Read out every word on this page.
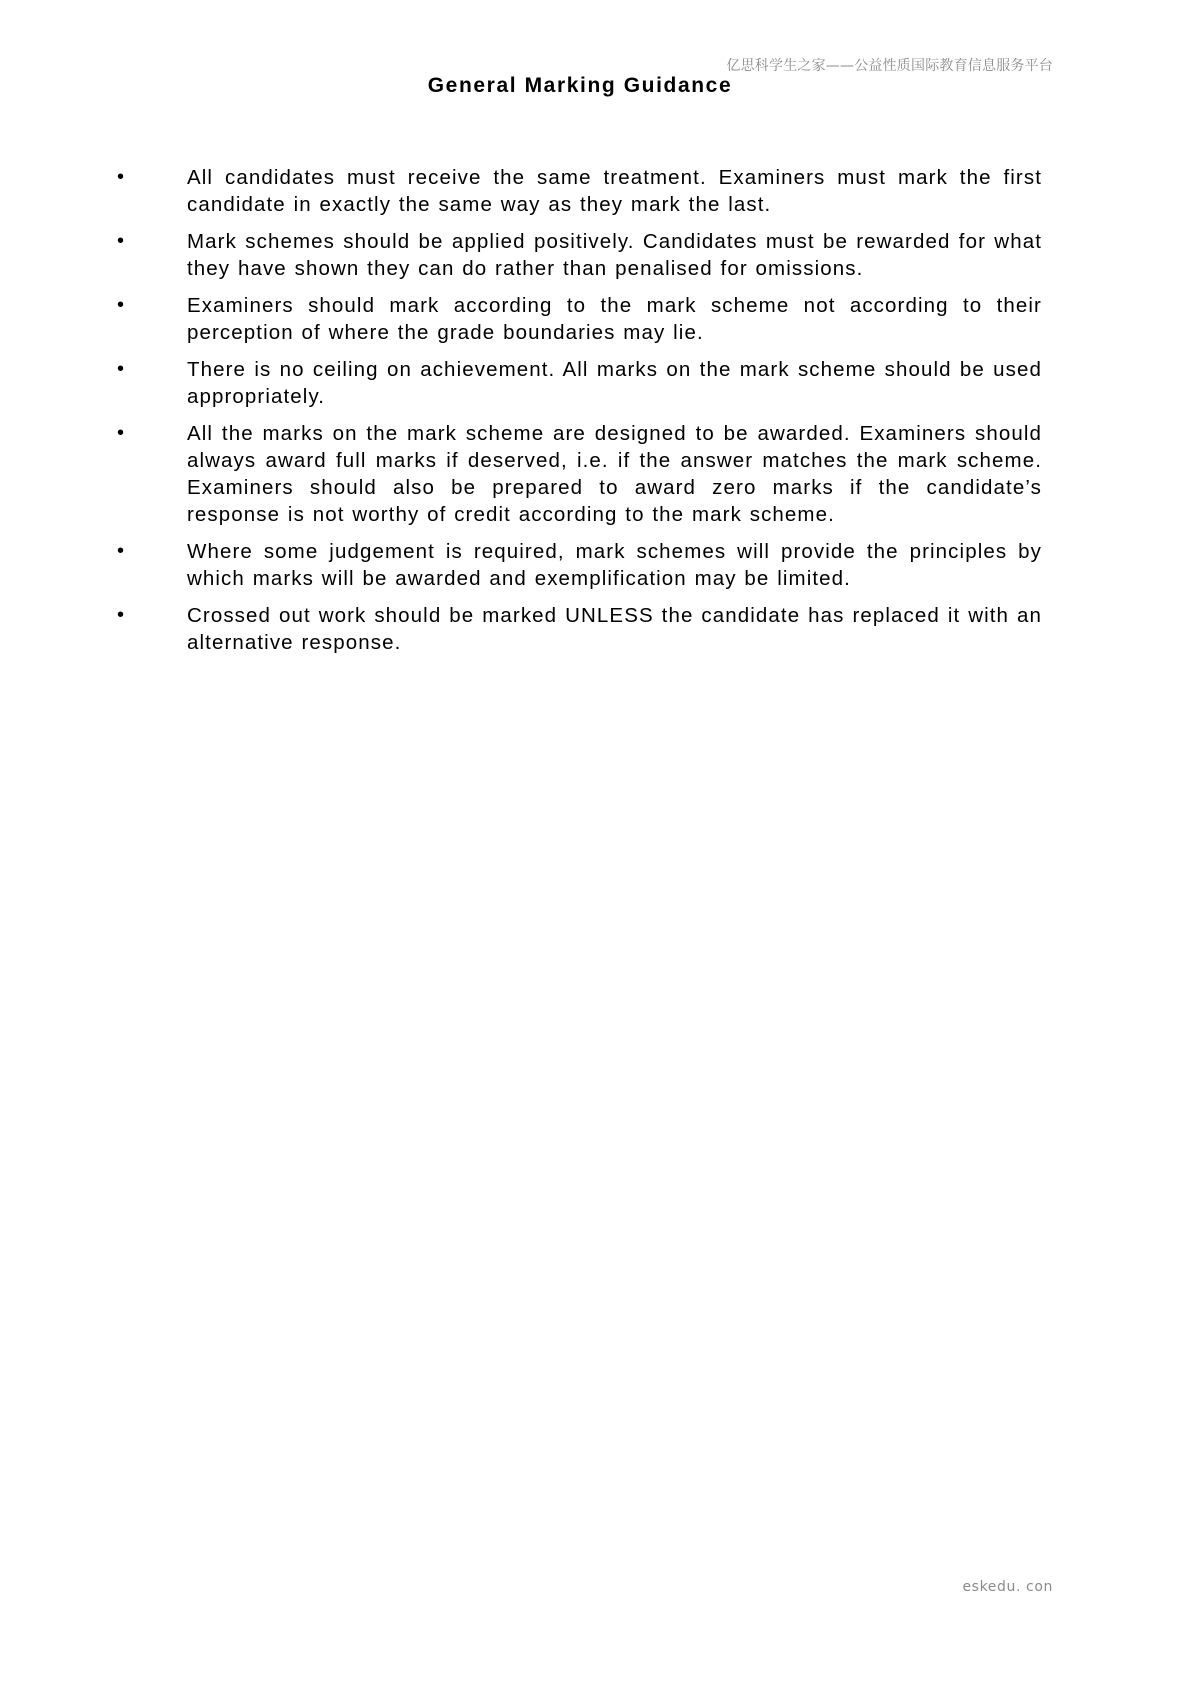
亿思科学生之家——公益性质国际教育信息服务平台
General Marking Guidance
•	All candidates must receive the same treatment. Examiners must mark the first candidate in exactly the same way as they mark the last.
•	Mark schemes should be applied positively. Candidates must be rewarded for what they have shown they can do rather than penalised for omissions.
•	Examiners should mark according to the mark scheme not according to their perception of where the grade boundaries may lie.
•	There is no ceiling on achievement. All marks on the mark scheme should be used appropriately.
•	All the marks on the mark scheme are designed to be awarded. Examiners should always award full marks if deserved, i.e. if the answer matches the mark scheme. Examiners should also be prepared to award zero marks if the candidate’s response is not worthy of credit according to the mark scheme.
•	Where some judgement is required, mark schemes will provide the principles by which marks will be awarded and exemplification may be limited.
•	Crossed out work should be marked UNLESS the candidate has replaced it with an alternative response.
eskedu. con
